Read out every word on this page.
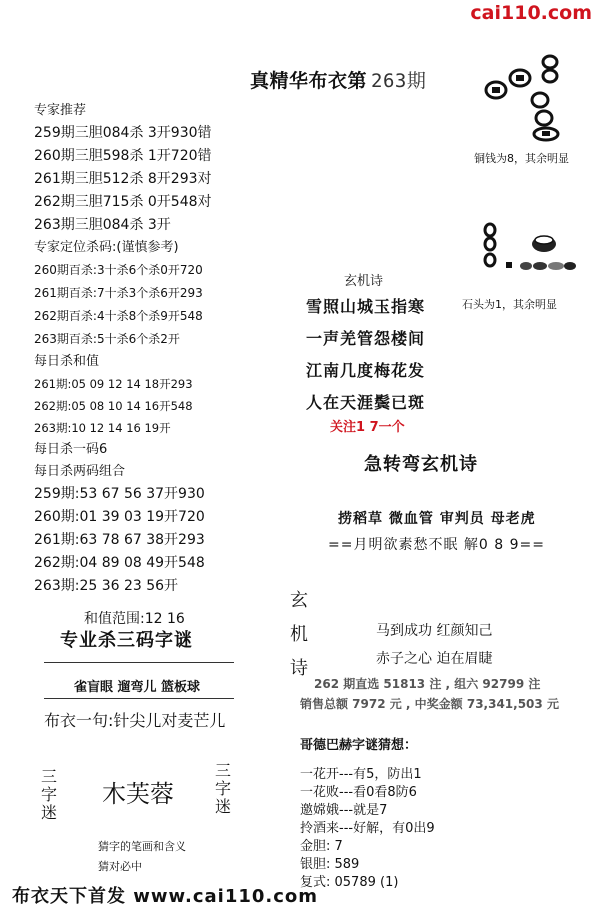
cai110.com
真精华布衣第 263期
专家推荐
259期三胆084杀 3开930错
260期三胆598杀 1开720错
261期三胆512杀 8开293对
262期三胆715杀 0开548对
263期三胆084杀 3开
专家定位杀码:(谨慎参考)
260期百杀:3十杀6个杀0开720
261期百杀:7十杀3个杀6开293
262期百杀:4十杀8个杀9开548
263期百杀:5十杀6个杀2开
每日杀和值
261期:05 09 12 14 18开293
262期:05 08 10 14 16开548
263期:10 12 14 16 19开
每日杀一码6
每日杀两码组合
259期:53 67 56 37开930
260期:01 39 03 19开720
261期:63 78 67 38开293
262期:04 89 08 49开548
263期:25 36 23 56开
和值范围:12 16
专业杀三码字谜
雀盲眼 遛弯儿 篮板球
布衣一句:针尖儿对麦芒儿
三字迷
木芙蓉
三字迷
猜字的笔画和含义
猜对必中
铜钱为8，其余明显
石头为1，其余明显
玄机诗
雪照山城玉指寒
一声羌管怨楼间
江南几度梅花发
人在天涯鬓已斑
关注1 7一个
急转弯玄机诗
捞稻草 微血管 审判员 母老虎
==月明欲素愁不眠 解0 8 9==
玄
机
诗
马到成功 红颜知己
赤子之心 迫在眉睫
262 期直选 51813 注 , 组六 92799 注
销售总额 7972 元 , 中奖金额 73,341,503 元
哥德巴赫字谜猜想：
一花开---有5，防出1
一花败---看0看8防6
邀嫦娥---就是7
拎酒来---好解，有0出9
金胆: 7
银胆: 589
复式: 05789 (1)
布衣天下首发 www.cai110.com
